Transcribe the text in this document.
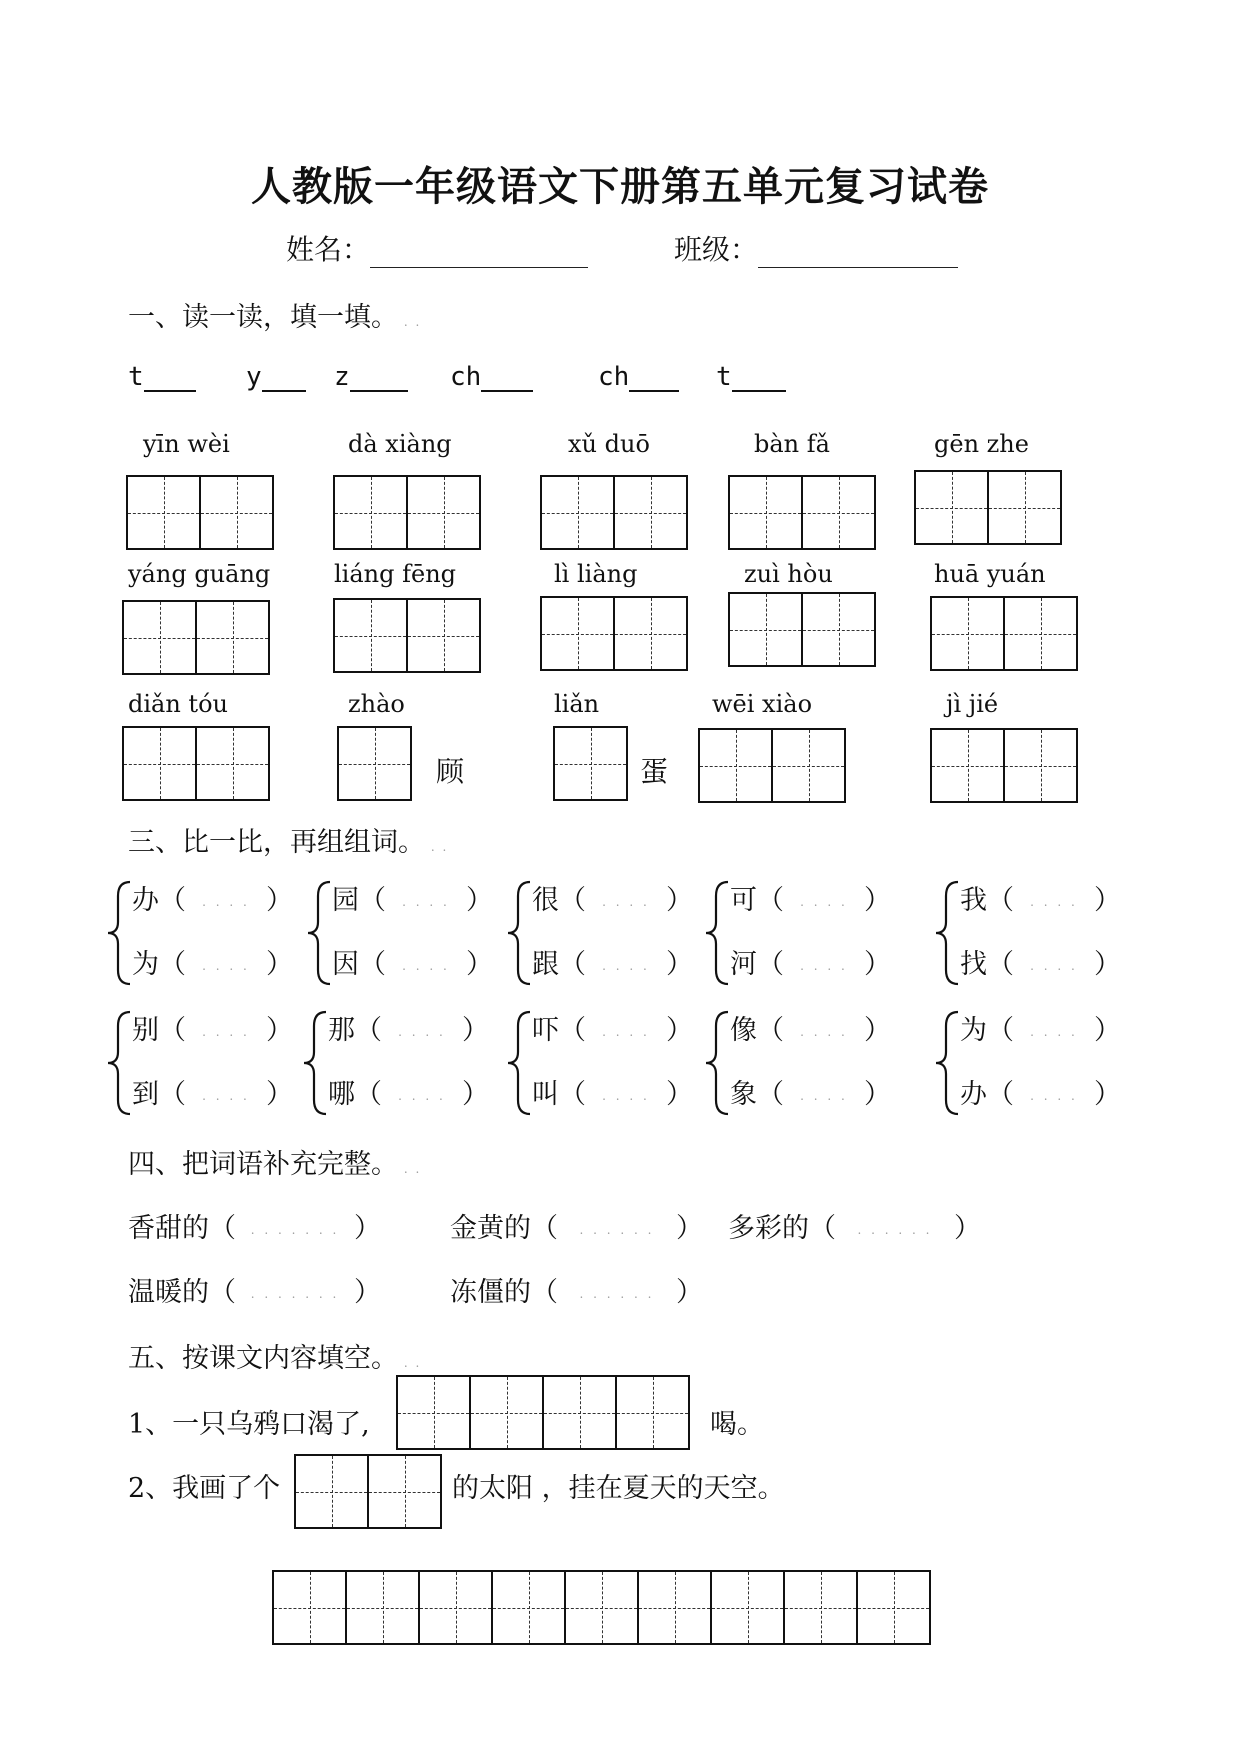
人教版一年级语文下册第五单元复习试卷
姓名：	班级：
一、读一读，填一填。 . .
t	y	z	ch	ch	t
yīn wèi	dà xiàng	xǔ duō	bàn fǎ	gēn zhe
yáng guāng	liáng fēng	lì liàng	zuì hòu	huā yuán
diǎn tóu	zhào	liǎn	wēi xiào	jì jié
顾	蛋
三、比一比，再组组词。 . .
办（ . . . . ）
为（ . . . . ）
园（ . . . . ）
因（ . . . . ）
很（ . . . . ）
跟（ . . . . ）
可（ . . . . ）
河（ . . . . ）
我（ . . . . ）
找（ . . . . ）
别（ . . . . ）
到（ . . . . ）
那（ . . . . ）
哪（ . . . . ）
吓（ . . . . ）
叫（ . . . . ）
像（ . . . . ）
象（ . . . . ）
为（ . . . . ）
办（ . . . . ）
四、把词语补充完整。 . .
香甜的（ . . . . . . . ）	金黄的（ . . . . . . ） 多彩的（ . . . . . . ）
温暖的（ . . . . . . . ）	冻僵的（ . . . . . . ）
五、按课文内容填空。 . .
1、一只乌鸦口渴了,	喝。
2、我画了个	的太阳 ，挂在夏天的天空。
